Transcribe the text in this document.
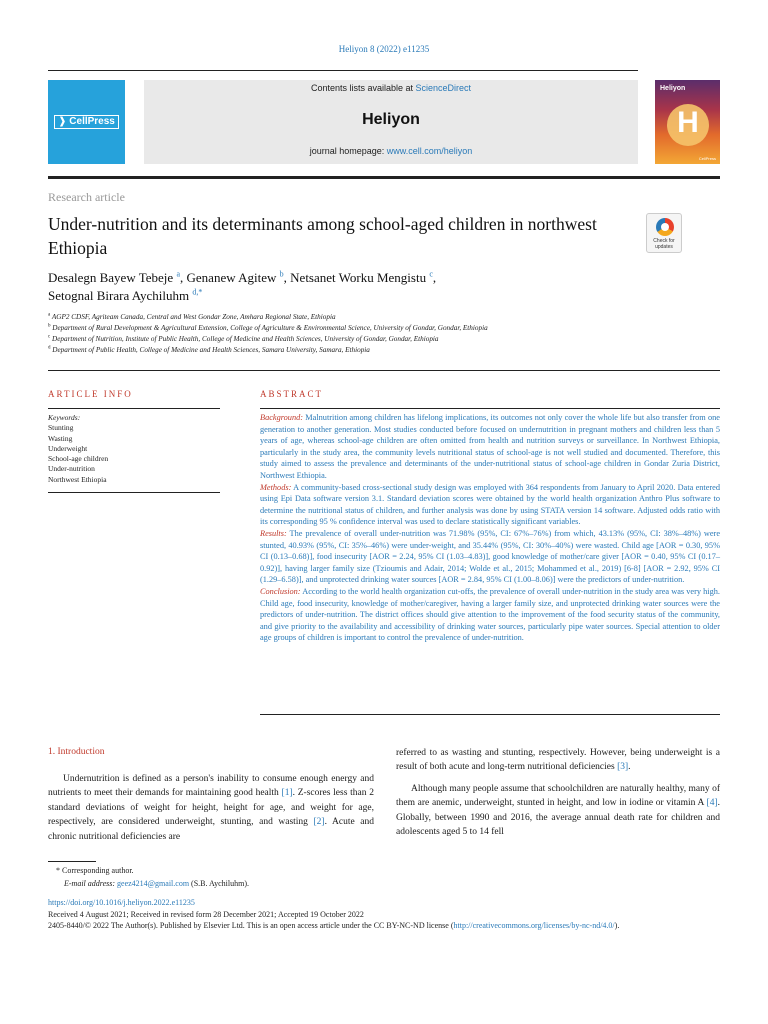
Heliyon 8 (2022) e11235
❱ CellPress
Contents lists available at ScienceDirect
Heliyon
journal homepage: www.cell.com/heliyon
Heliyon
H
CellPress
Research article
Under-nutrition and its determinants among school-aged children in northwest Ethiopia	Check for updates
Desalegn Bayew Tebeje $^a$, Genanew Agitew $^b$, Netsanet Worku Mengistu $^c$,
Setognal Birara Aychiluhm $^{d,*}$
$^a$ AGP2 CDSF, Agriteam Canada, Central and West Gondar Zone, Amhara Regional State, Ethiopia
$^b$ Department of Rural Development & Agricultural Extension, College of Agriculture & Environmental Science, University of Gondar, Gondar, Ethiopia
$^c$ Department of Nutrition, Institute of Public Health, College of Medicine and Health Sciences, University of Gondar, Gondar, Ethiopia
$^d$ Department of Public Health, College of Medicine and Health Sciences, Samara University, Samara, Ethiopia
ARTICLE INFO	ABSTRACT
Keywords:
Stunting
Wasting
Underweight
School-age children
Under-nutrition
Northwest Ethiopia

Background: Malnutrition among children has lifelong implications, its outcomes not only cover the whole life but also transfer from one generation to another generation. Most studies conducted before focused on undernutrition in pregnant mothers and children less than 5 years of age, whereas school-age children are often omitted from health and nutrition surveys or surveillance. In Northwest Ethiopia, particularly in the study area, the community levels nutritional status of school-age is not well studied and documented. Therefore, this study aimed to assess the prevalence and determinants of the under-nutritional status of school-age children in Gondar Zuria District, Northwest Ethiopia.

Methods: A community-based cross-sectional study design was employed with 364 respondents from January to April 2020. Data entered using Epi Data software version 3.1. Standard deviation scores were obtained by the world health organization Anthro Plus software to determine the nutritional status of children, and further analysis was done by using STATA version 14 software. Adjusted odds ratio with its corresponding 95 % confidence interval was used to declare statistically significant variables.

Results: The prevalence of overall under-nutrition was 71.98% (95%, CI: 67%–76%) from which, 43.13% (95%, CI: 38%–48%) were stunted, 40.93% (95%, CI: 35%–46%) were under-weight, and 35.44% (95%, CI: 30%–40%) were wasted. Child age [AOR = 0.30, 95% CI (0.13–0.68)], food insecurity [AOR = 2.24, 95% CI (1.03–4.83)], good knowledge of mother/care giver [AOR = 0.40, 95% CI (0.17–0.92)], having larger family size (Tzioumis and Adair, 2014; Wolde et al., 2015; Mohammed et al., 2019) [6-8] [AOR = 2.92, 95% CI (1.29–6.58)], and unprotected drinking water sources [AOR = 2.84, 95% CI (1.00–8.06)] were the predictors of under-nutrition.

Conclusion: According to the world health organization cut-offs, the prevalence of overall under-nutrition in the study area was very high. Child age, food insecurity, knowledge of mother/caregiver, having a larger family size, and unprotected drinking water sources were the predictors of under-nutrition. The district offices should give attention to the improvement of the food security status of the community, and give priority to the availability and accessibility of drinking water sources, particularly pipe water sources. Special attention to older age groups of children is important to control the prevalence of under-nutrition.

1. Introduction

Undernutrition is defined as a person's inability to consume enough energy and nutrients to meet their demands for maintaining good health [1]. Z-scores less than 2 standard deviations of weight for height, height for age, and weight for age, respectively, are considered underweight, stunting, and wasting [2]. Acute and chronic nutritional deficiencies are

referred to as wasting and stunting, respectively. However, being underweight is a result of both acute and long-term nutritional deficiencies [3].

Although many people assume that schoolchildren are naturally healthy, many of them are anemic, underweight, stunted in height, and low in iodine or vitamin A [4]. Globally, between 1990 and 2016, the average annual death rate for children and adolescents aged 5 to 14 fell

* Corresponding author.
E-mail address: geez4214@gmail.com (S.B. Aychiluhm).
https://doi.org/10.1016/j.heliyon.2022.e11235
Received 4 August 2021; Received in revised form 28 December 2021; Accepted 19 October 2022
2405-8440/© 2022 The Author(s). Published by Elsevier Ltd. This is an open access article under the CC BY-NC-ND license (http://creativecommons.org/licenses/by-nc-nd/4.0/).
